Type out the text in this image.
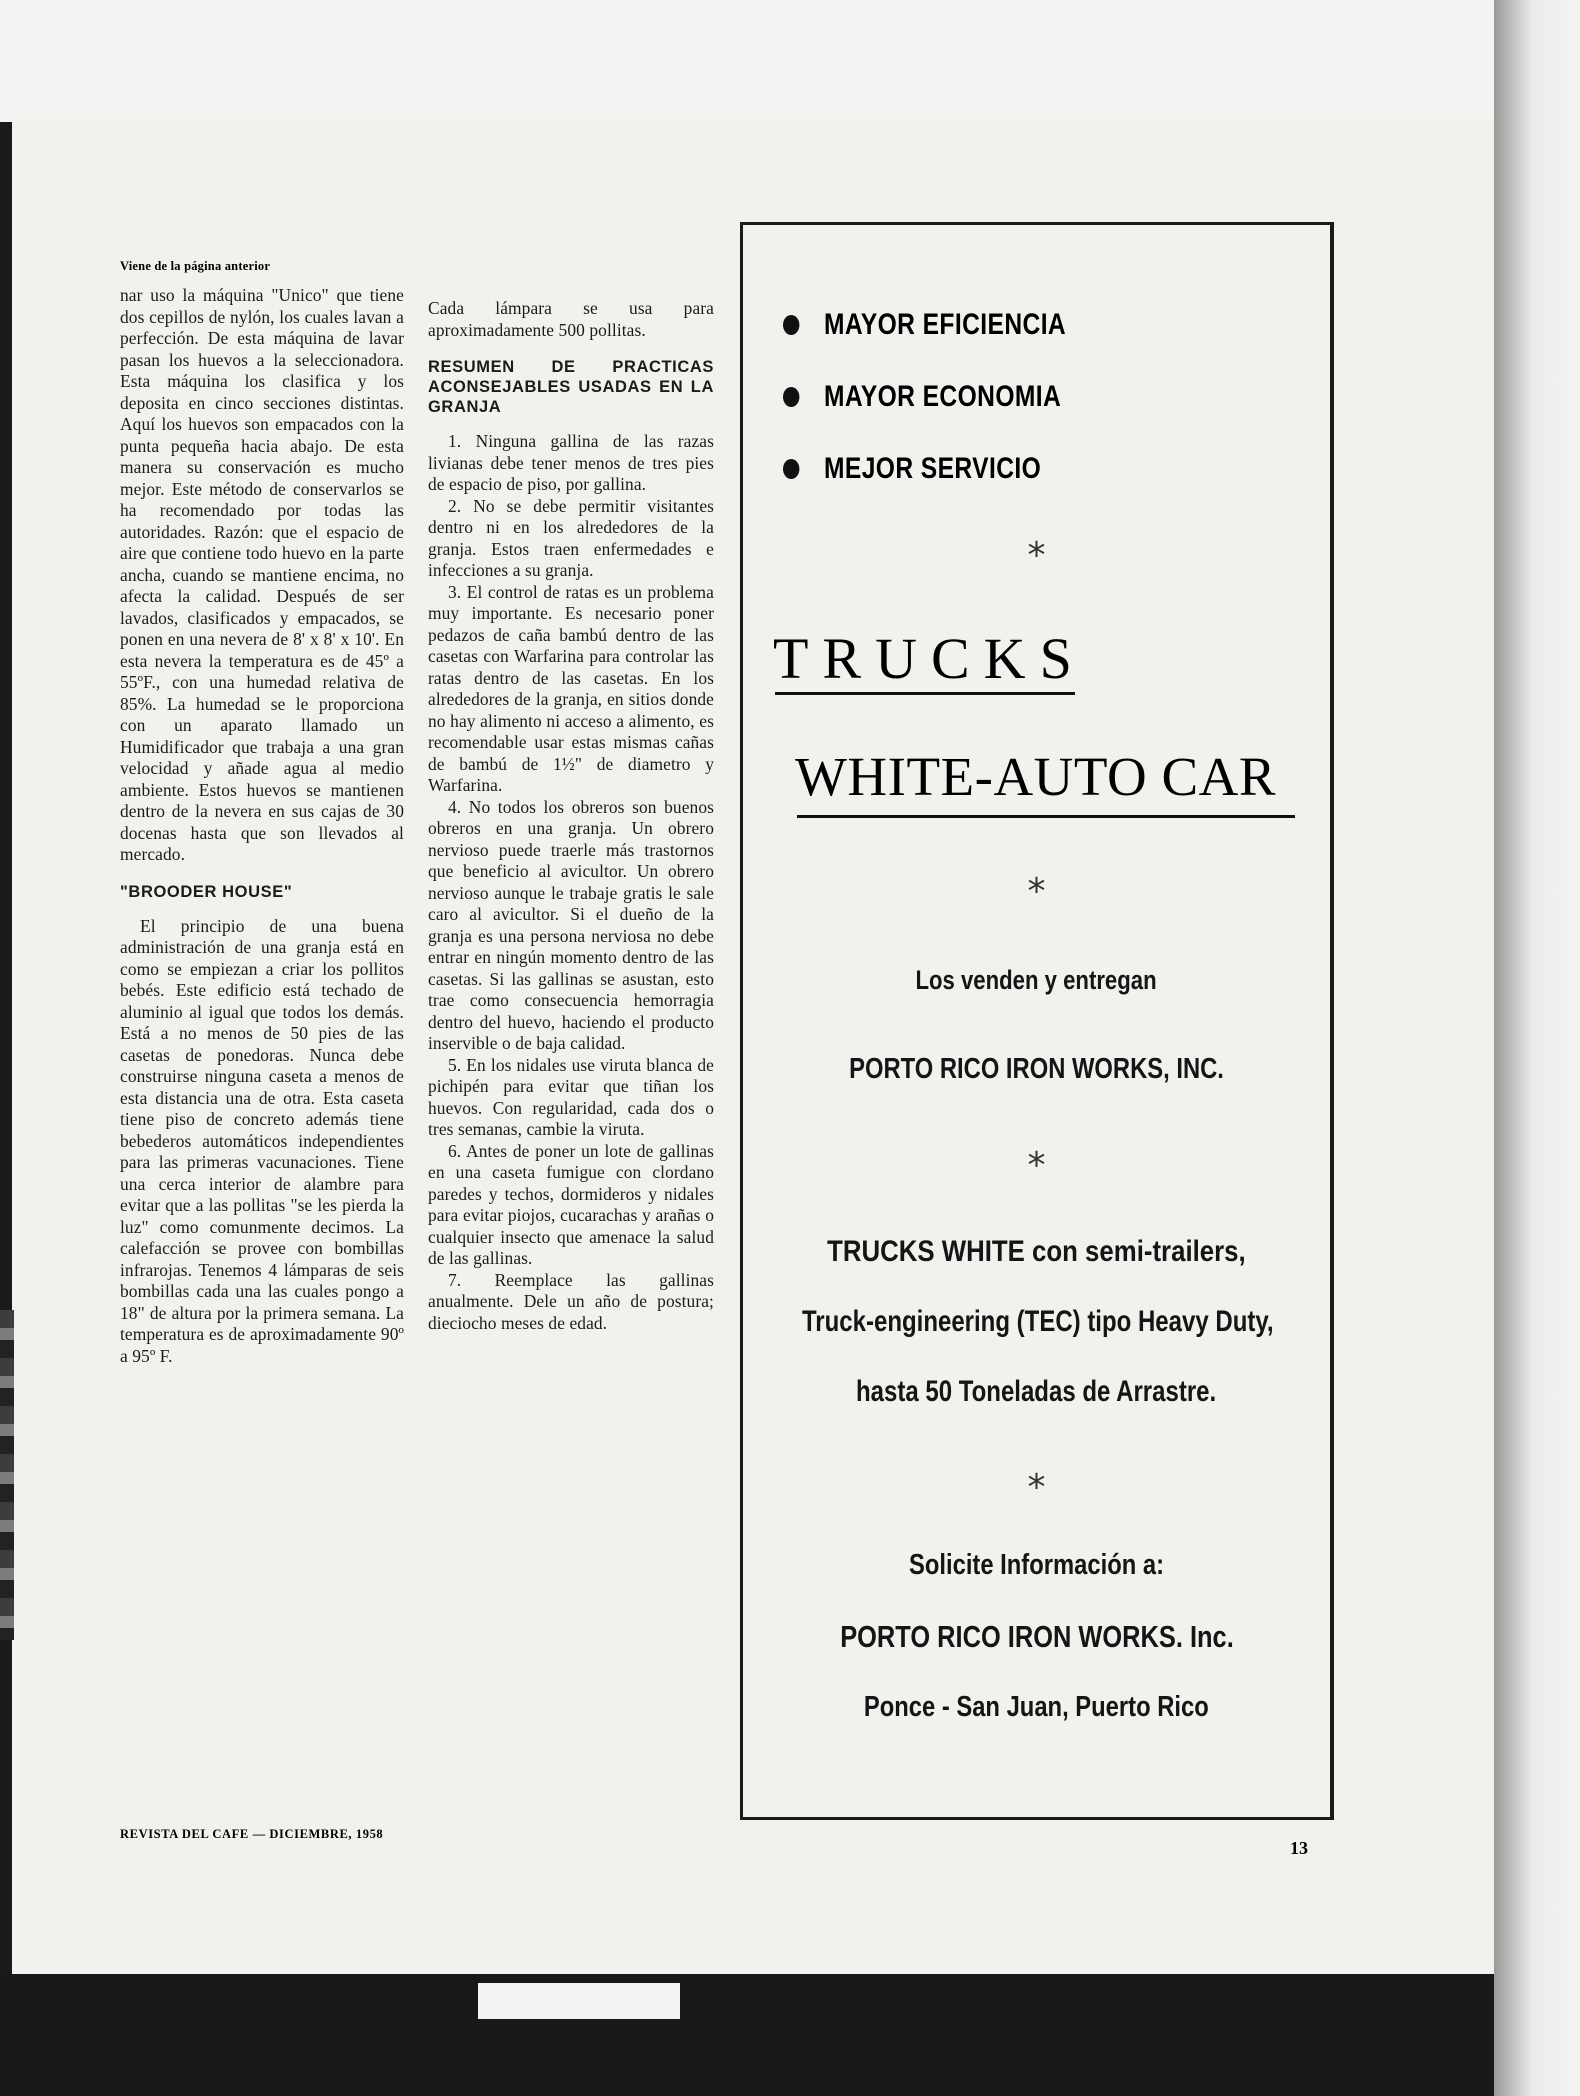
Viene de la página anterior

nar uso la máquina "Unico" que tiene dos cepillos de nylón, los cuales lavan a perfección. De esta máquina de lavar pasan los huevos a la seleccionadora. Esta máquina los clasifica y los deposita en cinco secciones distintas. Aquí los huevos son empacados con la punta pequeña hacia abajo. De esta manera su conservación es mucho mejor. Este método de conservarlos se ha recomendado por todas las autoridades. Razón: que el espacio de aire que contiene todo huevo en la parte ancha, cuando se mantiene encima, no afecta la calidad. Después de ser lavados, clasificados y empacados, se ponen en una nevera de 8' x 8' x 10'. En esta nevera la temperatura es de 45º a 55ºF., con una humedad relativa de 85%. La humedad se le proporciona con un aparato llamado un Humidificador que trabaja a una gran velocidad y añade agua al medio ambiente. Estos huevos se mantienen dentro de la nevera en sus cajas de 30 docenas hasta que son llevados al mercado.

"BROODER HOUSE"

El principio de una buena administración de una granja está en como se empiezan a criar los pollitos bebés. Este edificio está techado de aluminio al igual que todos los demás. Está a no menos de 50 pies de las casetas de ponedoras. Nunca debe construirse ninguna caseta a menos de esta distancia una de otra. Esta caseta tiene piso de concreto además tiene bebederos automáticos independientes para las primeras vacunaciones. Tiene una cerca interior de alambre para evitar que a las pollitas "se les pierda la luz" como comunmente decimos. La calefacción se provee con bombillas infrarojas. Tenemos 4 lámparas de seis bombillas cada una las cuales pongo a 18" de altura por la primera semana. La temperatura es de aproximadamente 90º a 95º F.

Cada lámpara se usa para aproximadamente 500 pollitas.

RESUMEN DE PRACTICAS ACONSEJABLES USADAS EN LA GRANJA

1. Ninguna gallina de las razas livianas debe tener menos de tres pies de espacio de piso, por gallina.

2. No se debe permitir visitantes dentro ni en los alrededores de la granja. Estos traen enfermedades e infecciones a su granja.

3. El control de ratas es un problema muy importante. Es necesario poner pedazos de caña bambú dentro de las casetas con Warfarina para controlar las ratas dentro de las casetas. En los alrededores de la granja, en sitios donde no hay alimento ni acceso a alimento, es recomendable usar estas mismas cañas de bambú de 1½" de diametro y Warfarina.

4. No todos los obreros son buenos obreros en una granja. Un obrero nervioso puede traerle más trastornos que beneficio al avicultor. Un obrero nervioso aunque le trabaje gratis le sale caro al avicultor. Si el dueño de la granja es una persona nerviosa no debe entrar en ningún momento dentro de las casetas. Si las gallinas se asustan, esto trae como consecuencia hemorragia dentro del huevo, haciendo el producto inservible o de baja calidad.

5. En los nidales use viruta blanca de pichipén para evitar que tiñan los huevos. Con regularidad, cada dos o tres semanas, cambie la viruta.

6. Antes de poner un lote de gallinas en una caseta fumigue con clordano paredes y techos, dormideros y nidales para evitar piojos, cucarachas y arañas o cualquier insecto que amenace la salud de las gallinas.

7. Reemplace las gallinas anualmente. Dele un año de postura; dieciocho meses de edad.

MAYOR EFICIENCIA
MAYOR ECONOMIA
MEJOR SERVICIO
*
TRUCKS
WHITE-AUTO CAR
*
Los venden y entregan
PORTO RICO IRON WORKS, INC.
*
TRUCKS WHITE con semi-trailers,
Truck-engineering (TEC) tipo Heavy Duty,
hasta 50 Toneladas de Arrastre.
*
Solicite Información a:
PORTO RICO IRON WORKS. Inc.
Ponce - San Juan, Puerto Rico
REVISTA DEL CAFE — DICIEMBRE, 1958
13
